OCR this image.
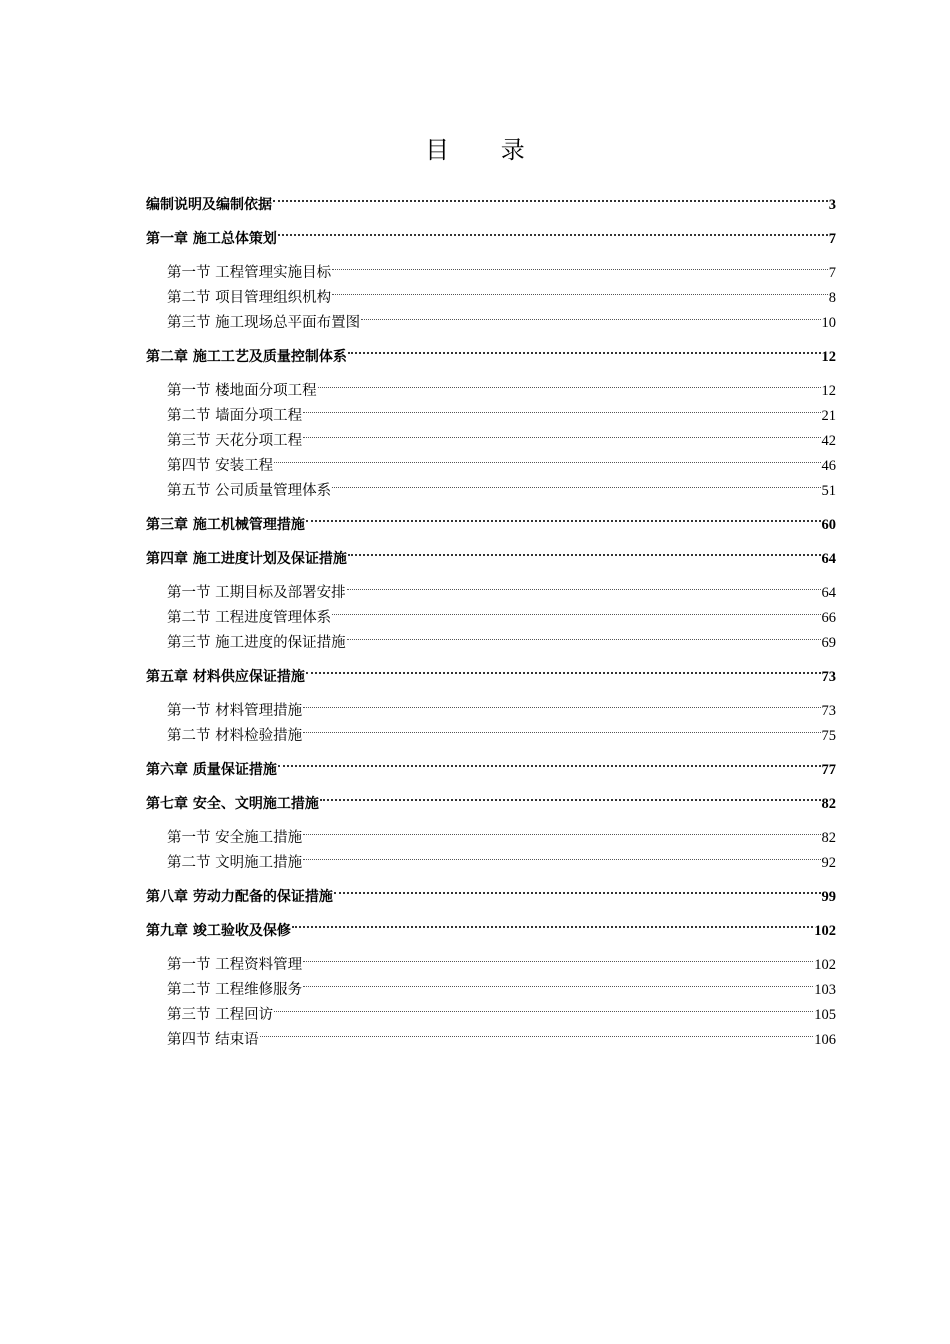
目 录
编制说明及编制依据	3
第一章 施工总体策划	7
第一节 工程管理实施目标	7
第二节 项目管理组织机构	8
第三节 施工现场总平面布置图	10
第二章 施工工艺及质量控制体系	12
第一节 楼地面分项工程	12
第二节 墙面分项工程	21
第三节 天花分项工程	42
第四节 安装工程	46
第五节 公司质量管理体系	51
第三章 施工机械管理措施	60
第四章 施工进度计划及保证措施	64
第一节 工期目标及部署安排	64
第二节 工程进度管理体系	66
第三节 施工进度的保证措施	69
第五章 材料供应保证措施	73
第一节 材料管理措施	73
第二节 材料检验措施	75
第六章 质量保证措施	77
第七章 安全、文明施工措施	82
第一节 安全施工措施	82
第二节 文明施工措施	92
第八章 劳动力配备的保证措施	99
第九章 竣工验收及保修	102
第一节 工程资料管理	102
第二节 工程维修服务	103
第三节 工程回访	105
第四节 结束语	106
